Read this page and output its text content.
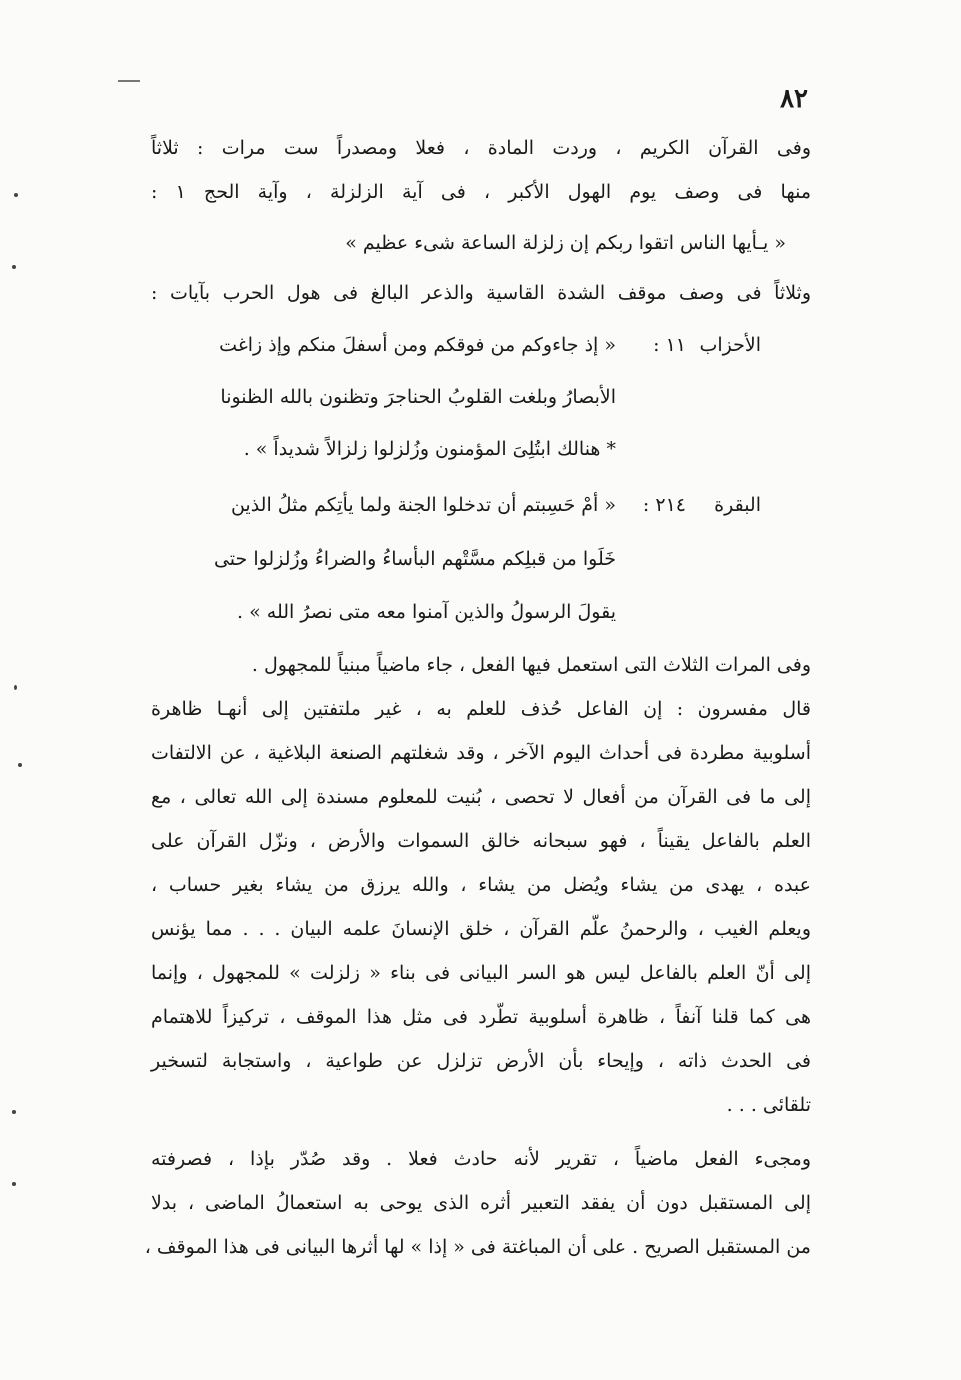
٨٢
وفى القرآن الكريم ، وردت المادة ، فعلا ومصدراً ست مرات : ثلاثاً
منها فى وصف يوم الهول الأكبر ، فى آية الزلزلة ، وآية الحج ١ :
« يـأيها الناس اتقوا ربكم إن زلزلة الساعة شىء عظيم »
وثلاثاً فى وصف موقف الشدة القاسية والذعر البالغ فى هول الحرب بآيات :
الأحزاب
١١ :
« إذ جاءوكم من فوقكم ومن أسفلَ منكم وإذ زاغت
الأبصارُ وبلغت القلوبُ الحناجرَ وتظنون بالله الظنونا
* هنالك ابتُلِىَ المؤمنون وزُلزلوا زلزالاً شديداً » .
البقرة
٢١٤ :
« أمْ حَسِبتم أن تدخلوا الجنة ولما يأتِكم مثلُ الذين
خَلَوا من قبلِكم مسَّتْهم البأساءُ والضراءُ وزُلزلوا حتى
يقولَ الرسولُ والذين آمنوا معه متى نصرُ الله » .
وفى المرات الثلاث التى استعمل فيها الفعل ، جاء ماضياً مبنياً للمجهول .
قال مفسرون : إن الفاعل حُذف للعلم به ، غير ملتفتين إلى أنهـا ظاهرة
أسلوبية مطردة فى أحداث اليوم الآخر ، وقد شغلتهم الصنعة البلاغية ، عن الالتفات
إلى ما فى القرآن من أفعال لا تحصى ، بُنيت للمعلوم مسندة إلى الله تعالى ، مع
العلم بالفاعل يقيناً ، فهو سبحانه خالق السموات والأرض ، ونزّل القرآن على
عبده ، يهدى من يشاء ويُضل من يشاء ، والله يرزق من يشاء بغير حساب ،
ويعلم الغيب ، والرحمنُ علّم القرآن ، خلق الإنسانَ علمه البيان . . . مما يؤنس
إلى أنّ العلم بالفاعل ليس هو السر البيانى فى بناء « زلزلت » للمجهول ، وإنما
هى كما قلنا آنفاً ، ظاهرة أسلوبية تطّرد فى مثل هذا الموقف ، تركيزاً للاهتمام
فى الحدث ذاته ، وإيحاء بأن الأرض تزلزل عن طواعية ، واستجابة لتسخير
تلقائى . . .
ومجىء الفعل ماضياً ، تقرير لأنه حادث فعلا . وقد صُدّر بإذا ، فصرفته
إلى المستقبل دون أن يفقد التعبير أثره الذى يوحى به استعمالُ الماضى ، بدلا
من المستقبل الصريح . على أن المباغتة فى « إذا » لها أثرها البيانى فى هذا الموقف ،
